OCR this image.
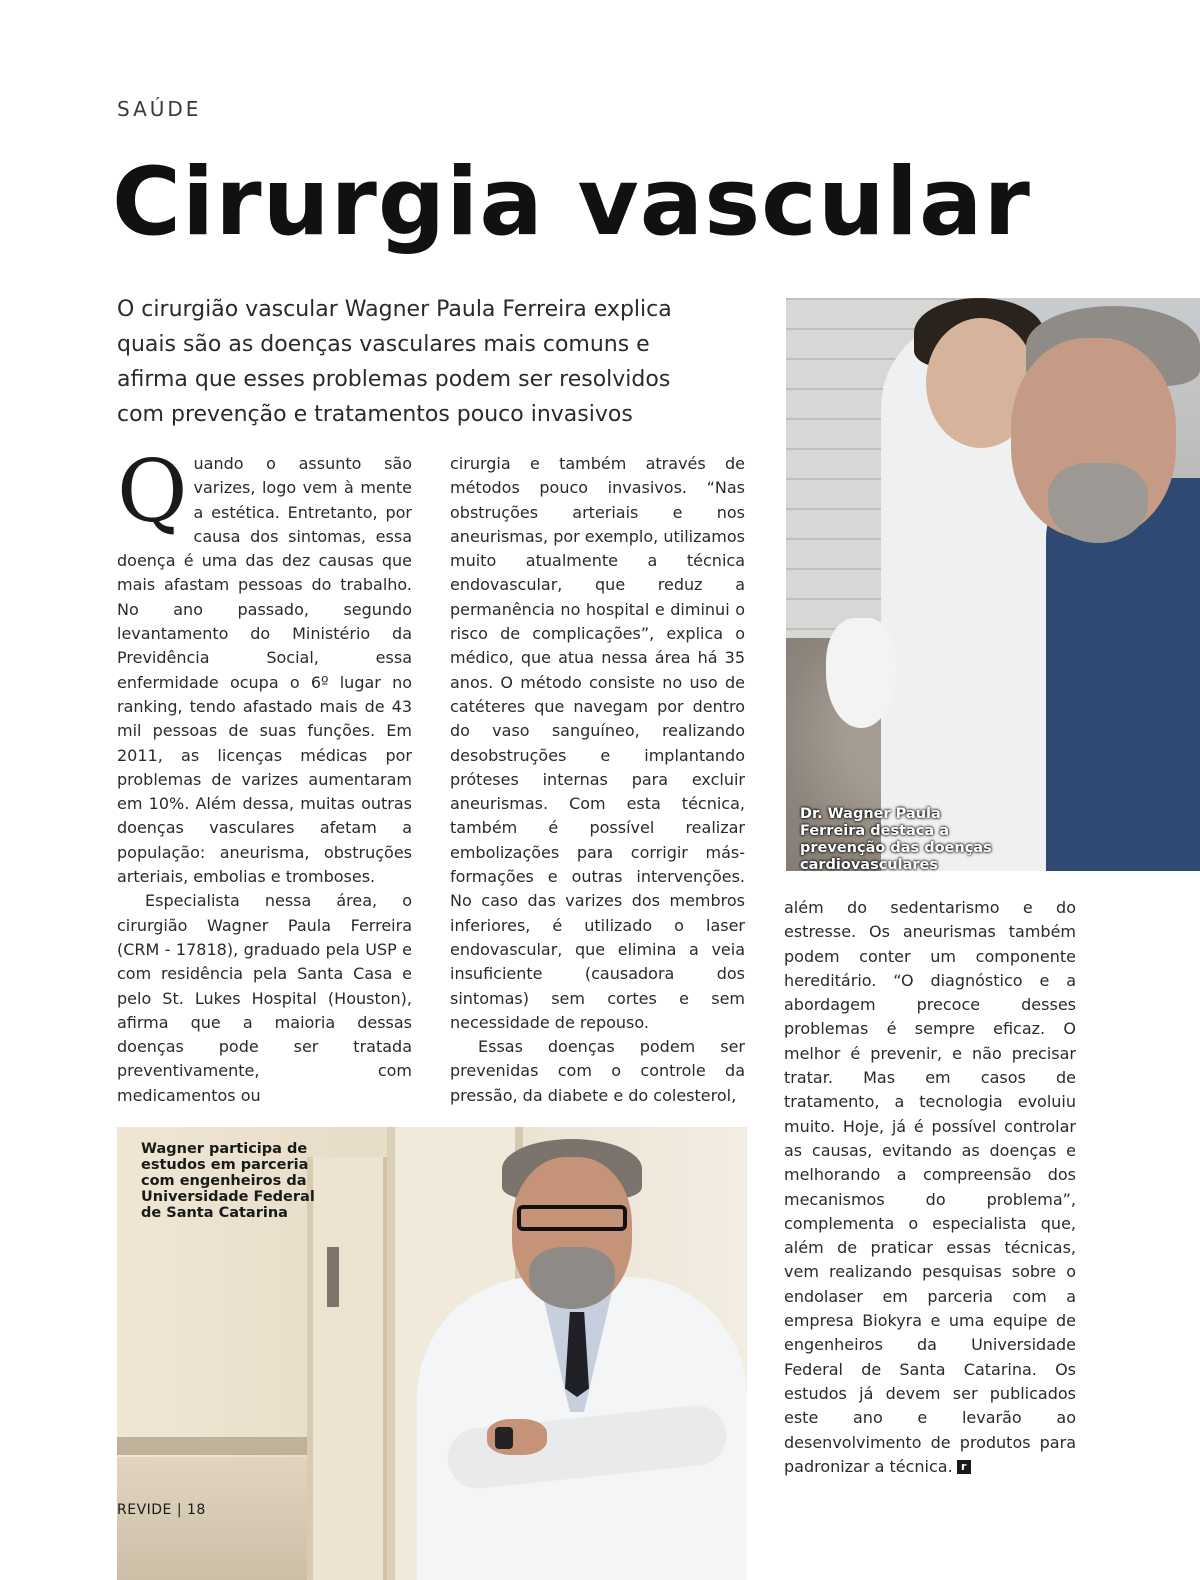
SAÚDE
Cirurgia vascular

O cirurgião vascular Wagner Paula Ferreira explica quais são as doenças vasculares mais comuns e afirma que esses problemas podem ser resolvidos com prevenção e tratamentos pouco invasivos

Quando o assunto são varizes, logo vem à mente a estética. Entretanto, por causa dos sintomas, essa doença é uma das dez causas que mais afastam pessoas do trabalho. No ano passado, segundo levantamento do Ministério da Previdência Social, essa enfermidade ocupa o 6º lugar no ranking, tendo afastado mais de 43 mil pessoas de suas funções. Em 2011, as licenças médicas por problemas de varizes aumentaram em 10%. Além dessa, muitas outras doenças vasculares afetam a população: aneurisma, obstruções arteriais, embolias e tromboses.

Especialista nessa área, o cirurgião Wagner Paula Ferreira (CRM - 17818), graduado pela USP e com residência pela Santa Casa e pelo St. Lukes Hospital (Houston), afirma que a maioria dessas doenças pode ser tratada preventivamente, com medicamentos ou

cirurgia e também através de métodos pouco invasivos. “Nas obstruções arteriais e nos aneurismas, por exemplo, utilizamos muito atualmente a técnica endovascular, que reduz a permanência no hospital e diminui o risco de complicações”, explica o médico, que atua nessa área há 35 anos. O método consiste no uso de catéteres que navegam por dentro do vaso sanguíneo, realizando desobstruções e implantando próteses internas para excluir aneurismas. Com esta técnica, também é possível realizar embolizações para corrigir más-formações e outras intervenções. No caso das varizes dos membros inferiores, é utilizado o laser endovascular, que elimina a veia insuficiente (causadora dos sintomas) sem cortes e sem necessidade de repouso.

Essas doenças podem ser prevenidas com o controle da pressão, da diabete e do colesterol,

além do sedentarismo e do estresse. Os aneurismas também podem conter um componente hereditário. “O diagnóstico e a abordagem precoce desses problemas é sempre eficaz. O melhor é prevenir, e não precisar tratar. Mas em casos de tratamento, a tecnologia evoluiu muito. Hoje, já é possível controlar as causas, evitando as doenças e melhorando a compreensão dos mecanismos do problema”, complementa o especialista que, além de praticar essas técnicas, vem realizando pesquisas sobre o endolaser em parceria com a empresa Biokyra e uma equipe de engenheiros da Universidade Federal de Santa Catarina. Os estudos já devem ser publicados este ano e levarão ao desenvolvimento de produtos para padronizar a técnica. r

Dr. Wagner Paula Ferreira destaca a prevenção das doenças cardiovasculares

Wagner participa de estudos em parceria com engenheiros da Universidade Federal de Santa Catarina

REVIDE | 18
